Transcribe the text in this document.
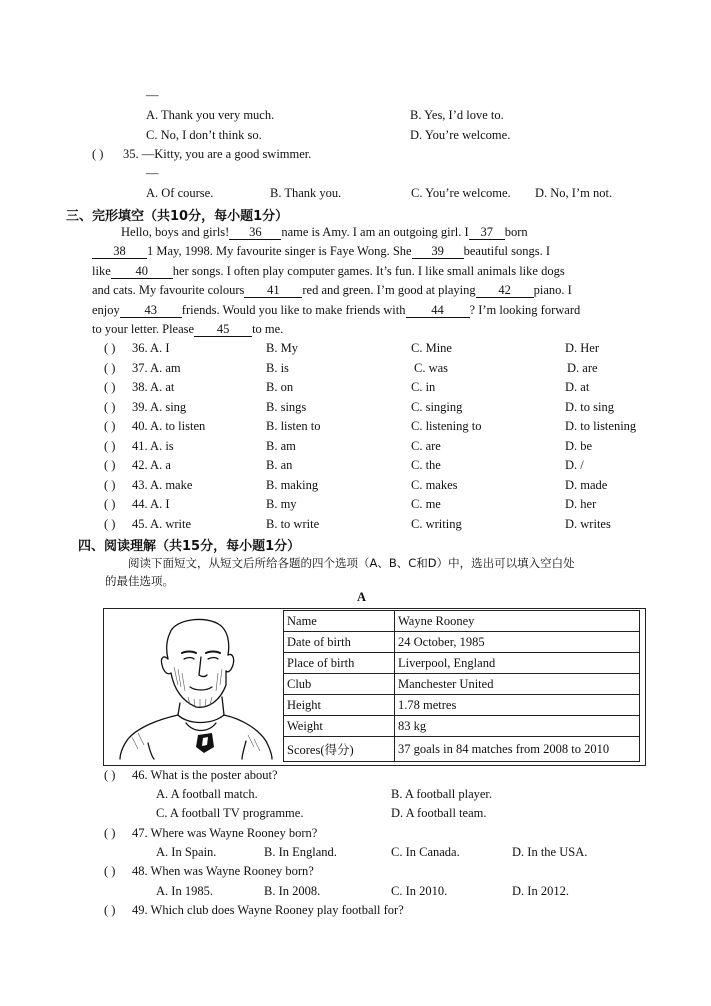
—
A. Thank you very much.	B. Yes, I’d love to.
C. No, I don’t think so.	D. You’re welcome.
( ) 35. —Kitty, you are a good swimmer.
—
A. Of course.	B. Thank you.	C. You’re welcome. D. No, I’m not.
三、完形填空（共10分，每小题1分）
Hello, boys and girls! 36 name is Amy. I am an outgoing girl. I 37 born
38 1 May, 1998. My favourite singer is Faye Wong. She 39 beautiful songs. I
like 40 her songs. I often play computer games. It’s fun. I like small animals like dogs
and cats. My favourite colours 41 red and green. I’m good at playing 42 piano. I
enjoy 43 friends. Would you like to make friends with 44 ? I’m looking forward
to your letter. Please 45 to me.
( ) 36. A. I	B. My	C. Mine	D. Her
( ) 37. A. am	B. is	C. was	D. are
( ) 38. A. at	B. on	C. in	D. at
( ) 39. A. sing	B. sings	C. singing	D. to sing
( ) 40. A. to listen	B. listen to	C. listening to	D. to listening
( ) 41. A. is	B. am	C. are	D. be
( ) 42. A. a	B. an	C. the	D. /
( ) 43. A. make	B. making	C. makes	D. made
( ) 44. A. I	B. my	C. me	D. her
( ) 45. A. write	B. to write	C. writing	D. writes
四、阅读理解（共15分，每小题1分）
阅读下面短文，从短文后所给各题的四个选项（A、B、C和D）中，选出可以填入空白处
的最佳选项。
A
Name	Wayne Rooney
Date of birth	24 October, 1985
Place of birth	Liverpool, England
Club	Manchester United
Height	1.78 metres
Weight	83 kg
Scores(得分)	37 goals in 84 matches from 2008 to 2010
( ) 46. What is the poster about?
A. A football match.	B. A football player.
C. A football TV programme.	D. A football team.
( ) 47. Where was Wayne Rooney born?
A. In Spain.	B. In England.	C. In Canada.	D. In the USA.
( ) 48. When was Wayne Rooney born?
A. In 1985.	B. In 2008.	C. In 2010.	D. In 2012.
( ) 49. Which club does Wayne Rooney play football for?
